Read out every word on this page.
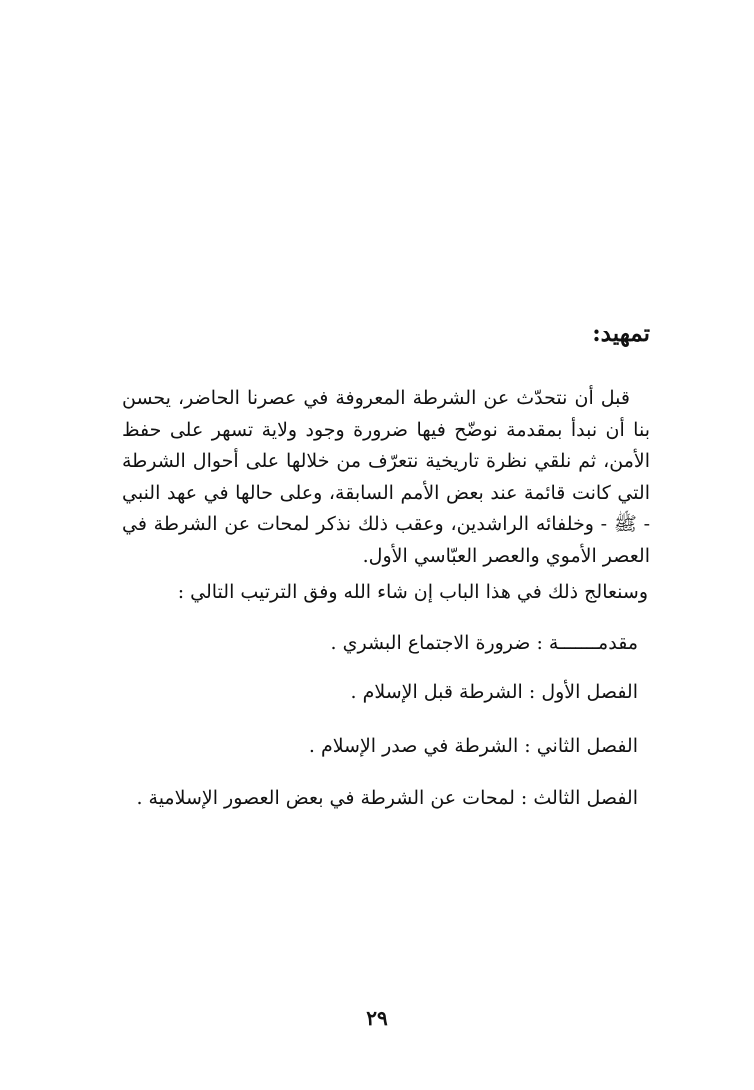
تمهيد:

قبل أن نتحدّث عن الشرطة المعروفة في عصرنا الحاضر، يحسن بنا أن نبدأ بمقدمة نوضّح فيها ضرورة وجود ولاية تسهر على حفظ الأمن، ثم نلقي نظرة تاريخية نتعرّف من خلالها على أحوال الشرطة التي كانت قائمة عند بعض الأمم السابقة، وعلى حالها في عهد النبي - ﷺ - وخلفائه الراشدين، وعقب ذلك نذكر لمحات عن الشرطة في العصر الأموي والعصر العبّاسي الأول.

وسنعالج ذلك في هذا الباب إن شاء الله وفق الترتيب التالي :
مقدمـــــــة : ضرورة الاجتماع البشري .
الفصل الأول : الشرطة قبل الإسلام .
الفصل الثاني : الشرطة في صدر الإسلام .
الفصل الثالث : لمحات عن الشرطة في بعض العصور الإسلامية .
٢٩
